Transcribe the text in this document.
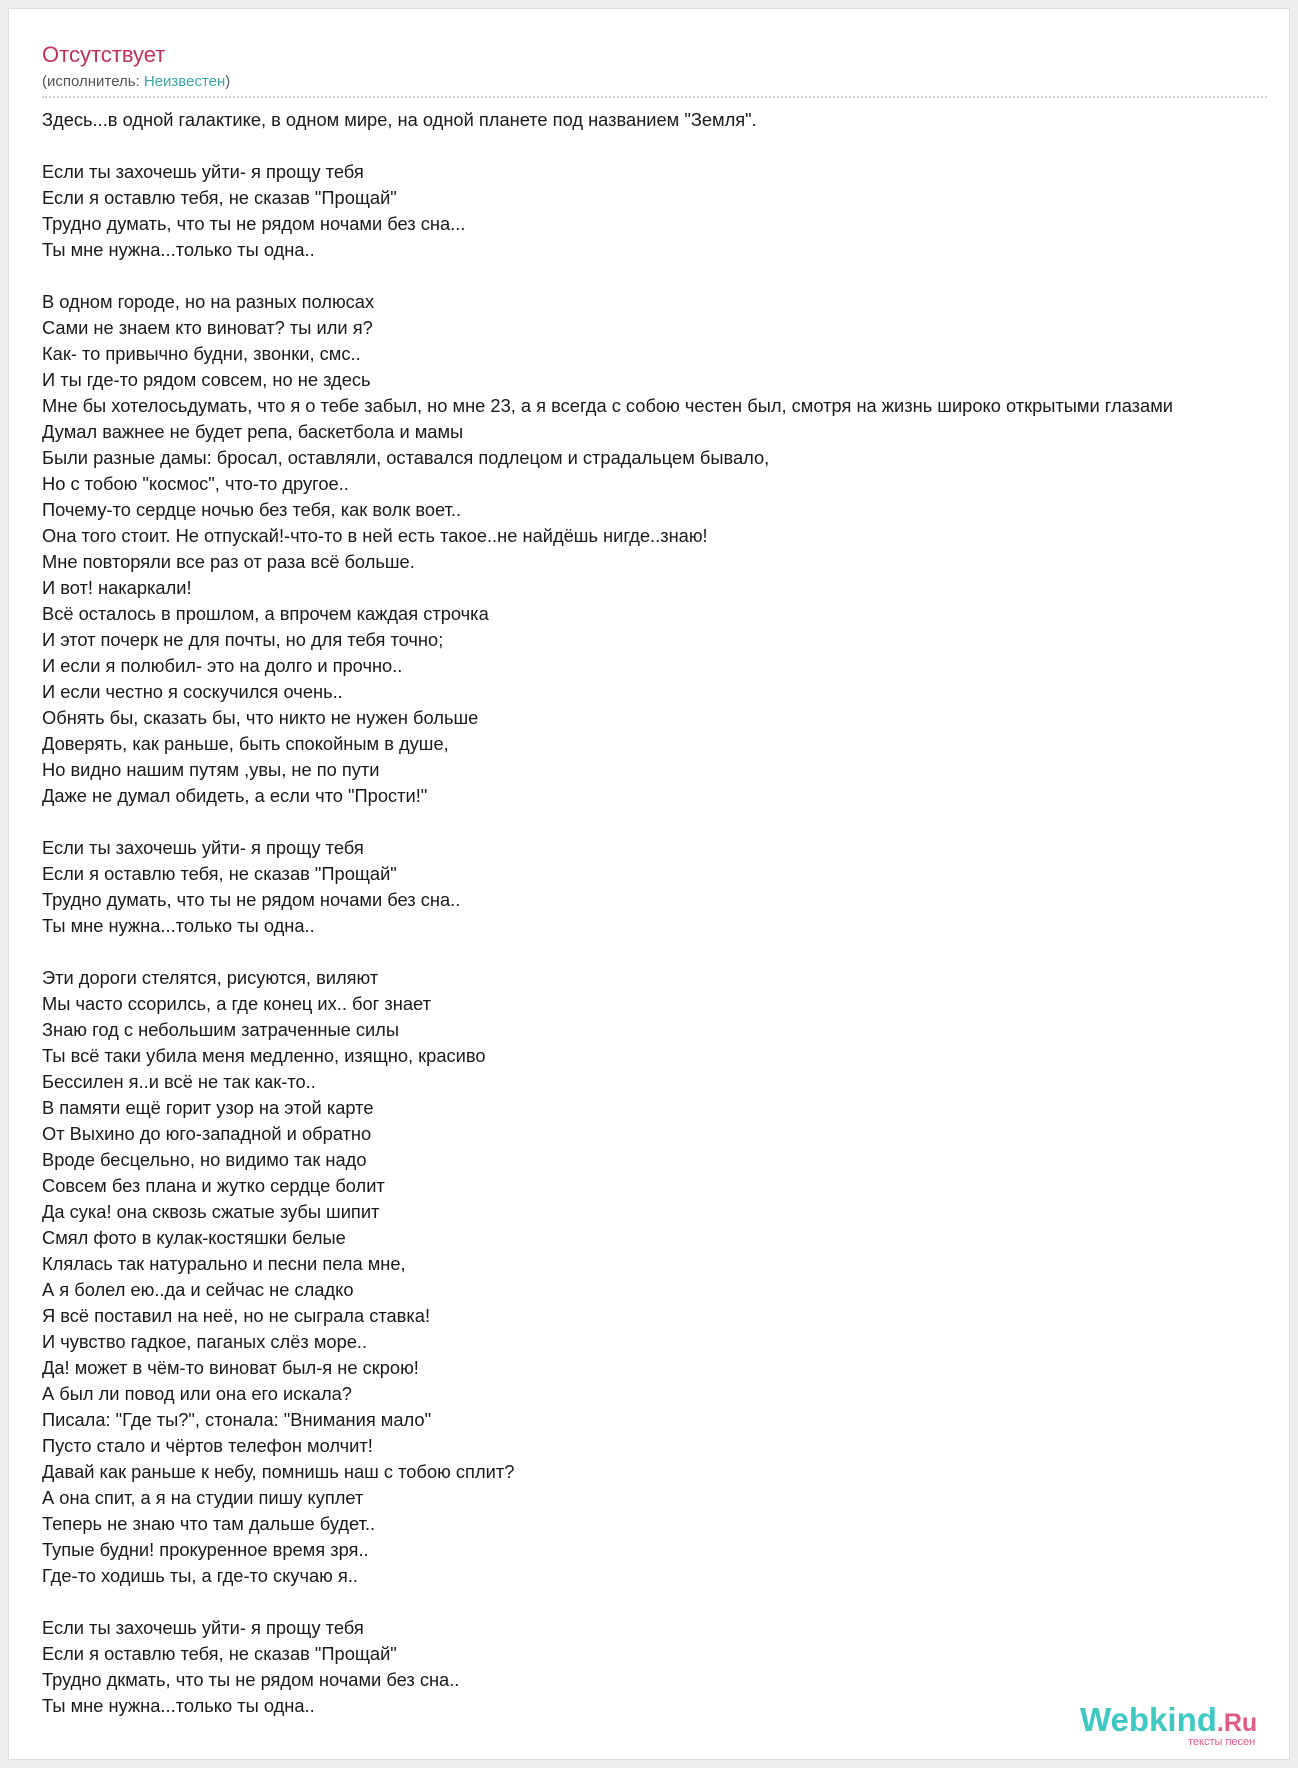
Отсутствует
(исполнитель: Неизвестен)
Здесь...в одной галактике, в одном мире, на одной планете под названием "Земля".
Если ты захочешь уйти- я прощу тебя
Если я оставлю тебя, не сказав "Прощай"
Трудно думать, что ты не рядом ночами без сна...
Ты мне нужна...только ты одна..
В одном городе, но на разных полюсах
Сами не знаем кто виноват? ты или я?
Как- то привычно будни, звонки, смс..
И ты где-то рядом совсем, но не здесь
Мне бы хотелосьдумать, что я о тебе забыл, но мне 23, а я всегда с собою честен был, смотря на жизнь широко открытыми глазами
Думал важнее не будет репа, баскетбола и мамы
Были разные дамы: бросал, оставляли, оставался подлецом и страдальцем бывало,
Но с тобою "космос", что-то другое..
Почему-то сердце ночью без тебя, как волк воет..
Она того стоит. Не отпускай!-что-то в ней есть такое..не найдёшь нигде..знаю!
Мне повторяли все раз от раза всё больше.
И вот! накаркали!
Всё осталось в прошлом, а впрочем каждая строчка
И этот почерк не для почты, но для тебя точно;
И если я полюбил- это на долго и прочно..
И если честно я соскучился очень..
Обнять бы, сказать бы, что никто не нужен больше
Доверять, как раньше, быть спокойным в душе,
Но видно нашим путям ,увы, не по пути
Даже не думал обидеть, а если что "Прости!"
Если ты захочешь уйти- я прощу тебя
Если я оставлю тебя, не сказав "Прощай"
Трудно думать, что ты не рядом ночами без сна..
Ты мне нужна...только ты одна..
Эти дороги стелятся, рисуются, виляют
Мы часто ссорилсь, а где конец их.. бог знает
Знаю год с небольшим затраченные силы
Ты всё таки убила меня медленно, изящно, красиво
Бессилен я..и всё не так как-то..
В памяти ещё горит узор на этой карте
От Выхино до юго-западной и обратно
Вроде бесцельно, но видимо так надо
Совсем без плана и жутко сердце болит
Да сука! она сквозь сжатые зубы шипит
Смял фото в кулак-костяшки белые
Клялась так натурально и песни пела мне,
А я болел ею..да и сейчас не сладко
Я всё поставил на неё, но не сыграла ставка!
И чувство гадкое, паганых слёз море..
Да! может в чём-то виноват был-я не скрою!
А был ли повод или она его искала?
Писала: "Где ты?", стонала: "Внимания мало"
Пусто стало и чёртов телефон молчит!
Давай как раньше к небу, помнишь наш с тобою сплит?
А она спит, а я на студии пишу куплет
Теперь не знаю что там дальше будет..
Тупые будни! прокуренное время зря..
Где-то ходишь ты, а где-то скучаю я..
Если ты захочешь уйти- я прощу тебя
Если я оставлю тебя, не сказав "Прощай"
Трудно дкмать, что ты не рядом ночами без сна..
Ты мне нужна...только ты одна..	Webkind.Ru
тексты песен
